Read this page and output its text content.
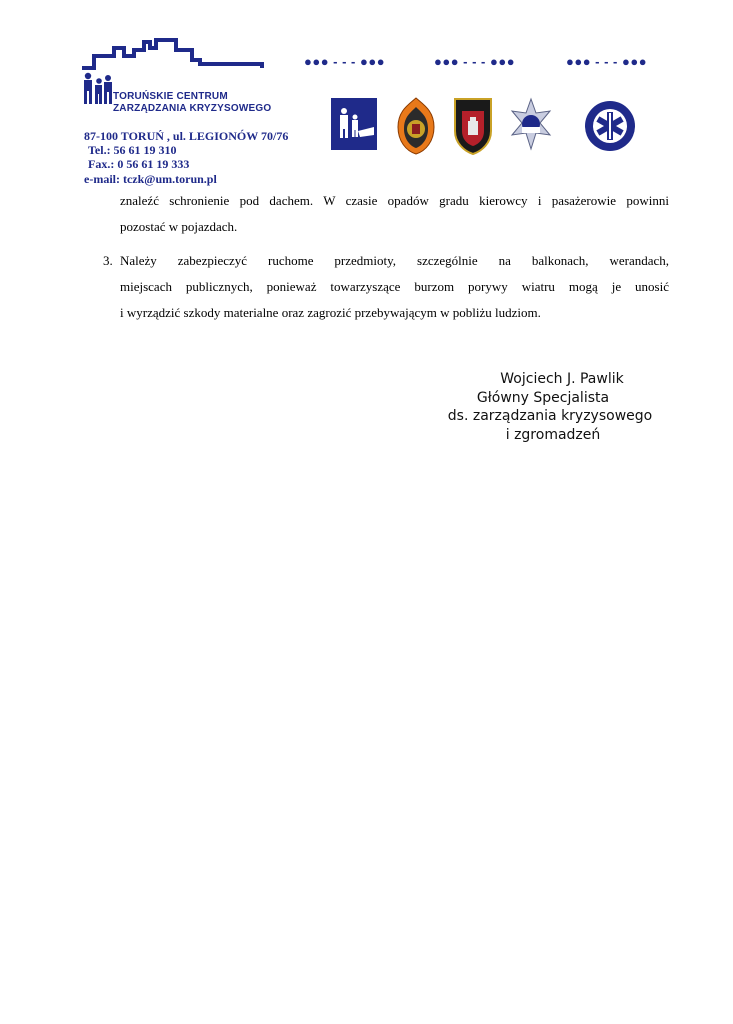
TORUŃSKIE CENTRUM
ZARZĄDZANIA KRYZYSOWEGO
87-100 TORUŃ , ul. LEGIONÓW 70/76
Tel.: 56 61 19 310
Fax.: 0 56 61 19 333
e-mail: tczk@um.torun.pl
●●● - - - ●●●	●●● - - - ●●●	●●● - - - ●●●

znaleźć schronienie pod dachem. W czasie opadów gradu kierowcy i pasażerowie powinni

pozostać w pojazdach.

3. Należy zabezpieczyć ruchome przedmioty, szczególnie na balkonach, werandach,

miejscach publicznych, ponieważ towarzyszące burzom porywy wiatru mogą je unosić

i wyrządzić szkody materialne oraz zagrozić przebywającym w pobliżu ludziom.

Wojciech J. Pawlik
Główny Specjalista
ds. zarządzania kryzysowego
i zgromadzeń
